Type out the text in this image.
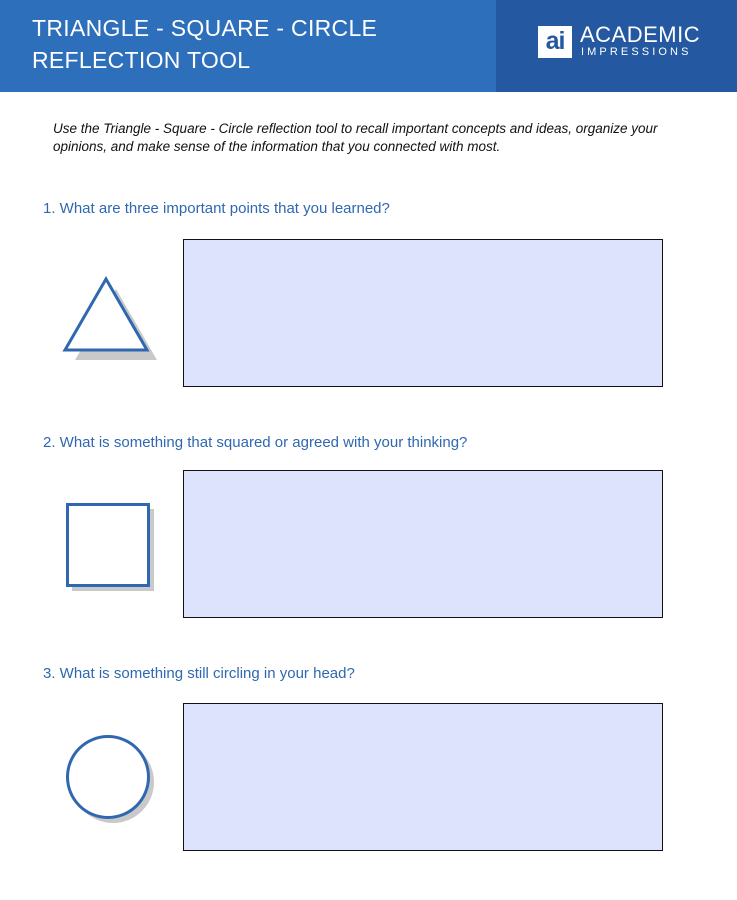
TRIANGLE - SQUARE - CIRCLE
REFLECTION TOOL
ai ACADEMIC
IMPRESSIONS

Use the Triangle - Square - Circle reflection tool to recall important concepts and ideas, organize your opinions, and make sense of the information that you connected with most.

1. What are three important points that you learned?
2. What is something that squared or agreed with your thinking?
3. What is something still circling in your head?
